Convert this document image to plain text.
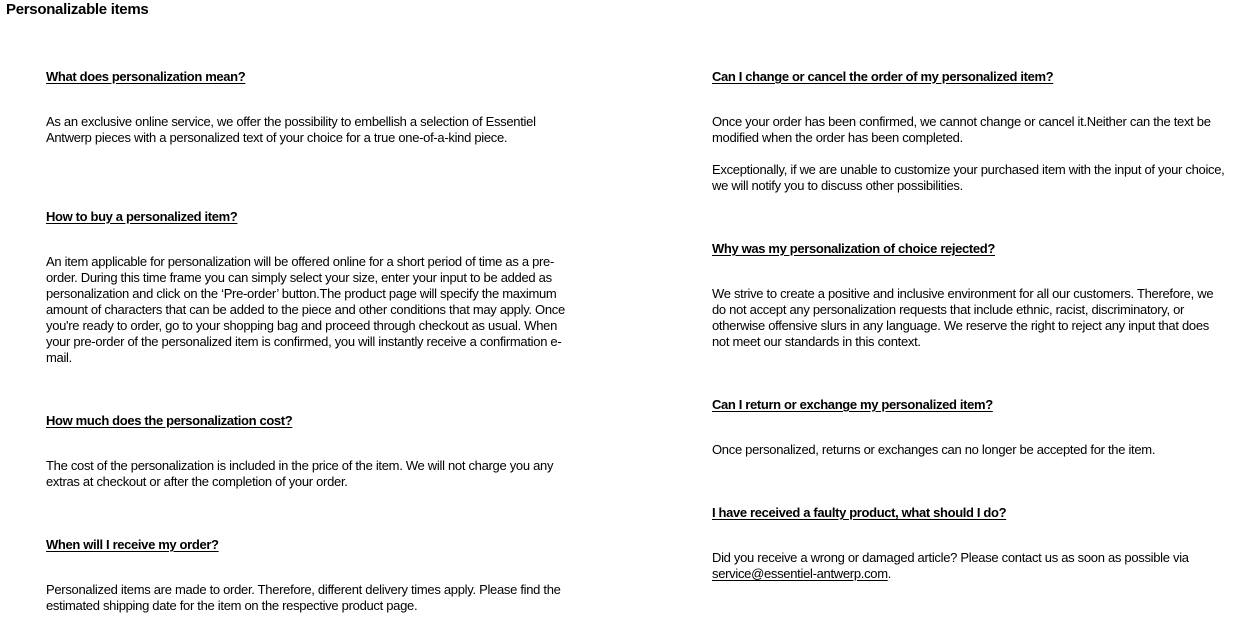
Personalizable items
What does personalization mean?

As an exclusive online service, we offer the possibility to embellish a selection of Essentiel Antwerp pieces with a personalized text of your choice for a true one-of-a-kind piece.

How to buy a personalized item?

An item applicable for personalization will be offered online for a short period of time as a pre-order. During this time frame you can simply select your size, enter your input to be added as personalization and click on the ‘Pre-order’ button.The product page will specify the maximum amount of characters that can be added to the piece and other conditions that may apply. Once you're ready to order, go to your shopping bag and proceed through checkout as usual. When your pre-order of the personalized item is confirmed, you will instantly receive a confirmation e-mail.

How much does the personalization cost?

The cost of the personalization is included in the price of the item. We will not charge you any extras at checkout or after the completion of your order.

When will I receive my order?

Personalized items are made to order. Therefore, different delivery times apply. Please find the estimated shipping date for the item on the respective product page.

Can I change or cancel the order of my personalized item?

Once your order has been confirmed, we cannot change or cancel it.Neither can the text be modified when the order has been completed.

Exceptionally, if we are unable to customize your purchased item with the input of your choice, we will notify you to discuss other possibilities.

Why was my personalization of choice rejected?

We strive to create a positive and inclusive environment for all our customers. Therefore, we do not accept any personalization requests that include ethnic, racist, discriminatory, or otherwise offensive slurs in any language. We reserve the right to reject any input that does not meet our standards in this context.

Can I return or exchange my personalized item?

Once personalized, returns or exchanges can no longer be accepted for the item.

I have received a faulty product, what should I do?

Did you receive a wrong or damaged article? Please contact us as soon as possible via service@essentiel-antwerp.com.
